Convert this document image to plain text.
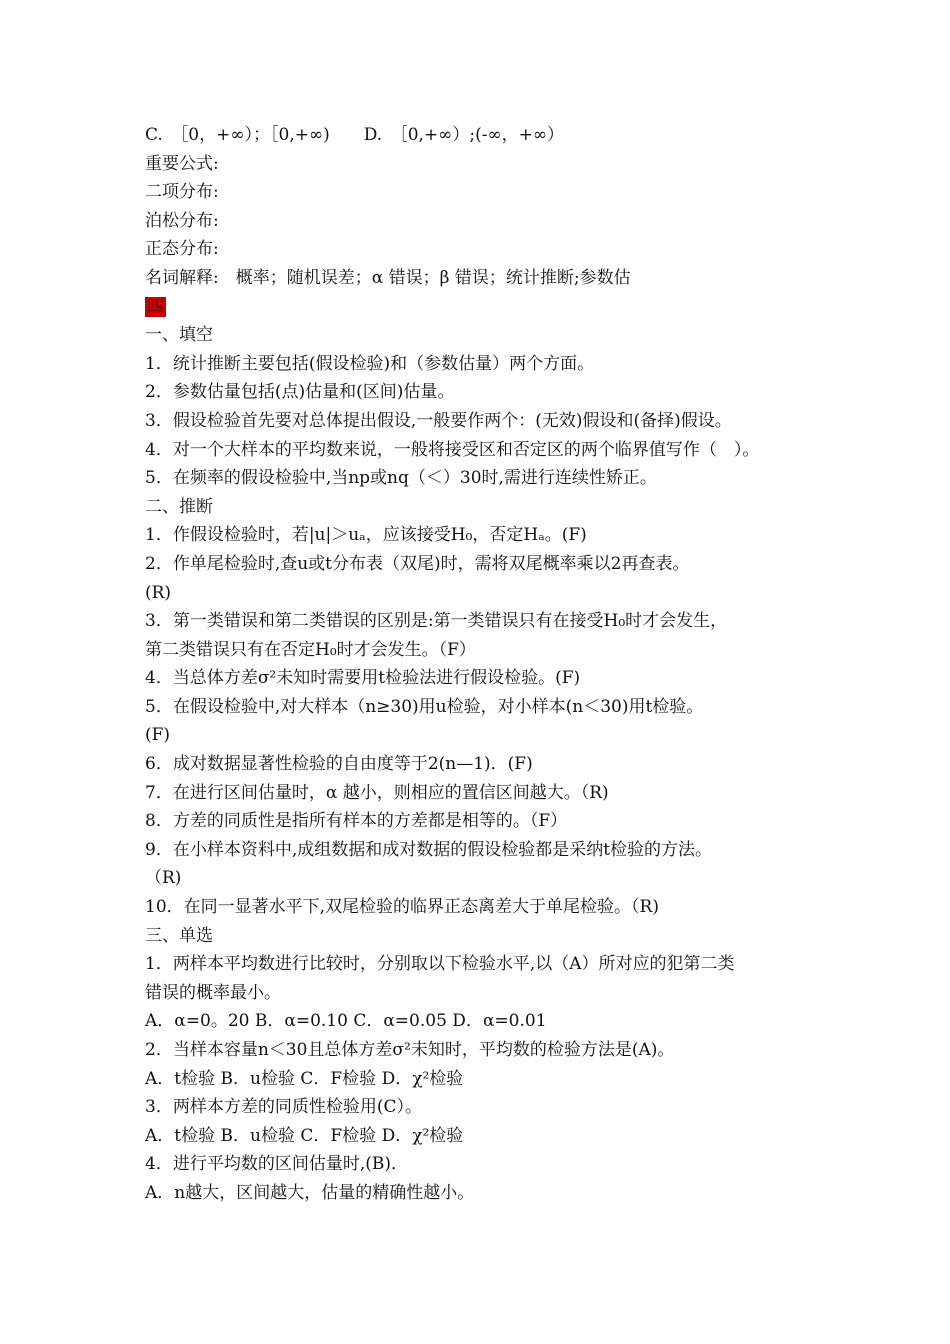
C.　［0，+∞）；［0,+∞)　　D.　［0,+∞）;(-∞，+∞）
重要公式:
二项分布:
泊松分布:
正态分布:
名词解释:　概率；随机误差；α 错误；β 错误；统计推断;参数估
四
一、填空
1．统计推断主要包括(假设检验)和（参数估量）两个方面。
2．参数估量包括(点)估量和(区间)估量。
3．假设检验首先要对总体提出假设,一般要作两个：(无效)假设和(备择)假设。
4．对一个大样本的平均数来说，一般将接受区和否定区的两个临界值写作（　）。
5．在频率的假设检验中,当np或nq（＜）30时,需进行连续性矫正。
二、推断
1．作假设检验时，若|u|＞uₐ，应该接受H₀，否定Hₐ。(F)
2．作单尾检验时,查u或t分布表（双尾)时，需将双尾概率乘以2再查表。
(R)
3．第一类错误和第二类错误的区别是:第一类错误只有在接受H₀时才会发生，
第二类错误只有在否定H₀时才会发生。（F）
4．当总体方差σ²未知时需要用t检验法进行假设检验。(F)
5．在假设检验中,对大样本（n≥30)用u检验，对小样本(n＜30)用t检验。
(F)
6．成对数据显著性检验的自由度等于2(n—1)．(F)
7．在进行区间估量时，α 越小，则相应的置信区间越大。（R)
8．方差的同质性是指所有样本的方差都是相等的。（F）
9．在小样本资料中,成组数据和成对数据的假设检验都是采纳t检验的方法。
（R)
10．在同一显著水平下,双尾检验的临界正态离差大于单尾检验。（R)
三、单选
1．两样本平均数进行比较时，分别取以下检验水平,以（A）所对应的犯第二类
错误的概率最小。
A．α=0。20 B．α=0.10 C．α=0.05 D．α=0.01
2．当样本容量n＜30且总体方差σ²未知时，平均数的检验方法是(A)。
A．t检验 B．u检验 C．F检验 D．χ²检验
3．两样本方差的同质性检验用(C）。
A．t检验 B．u检验 C．F检验 D．χ²检验
4．进行平均数的区间估量时,(B)．
A．n越大，区间越大，估量的精确性越小。
